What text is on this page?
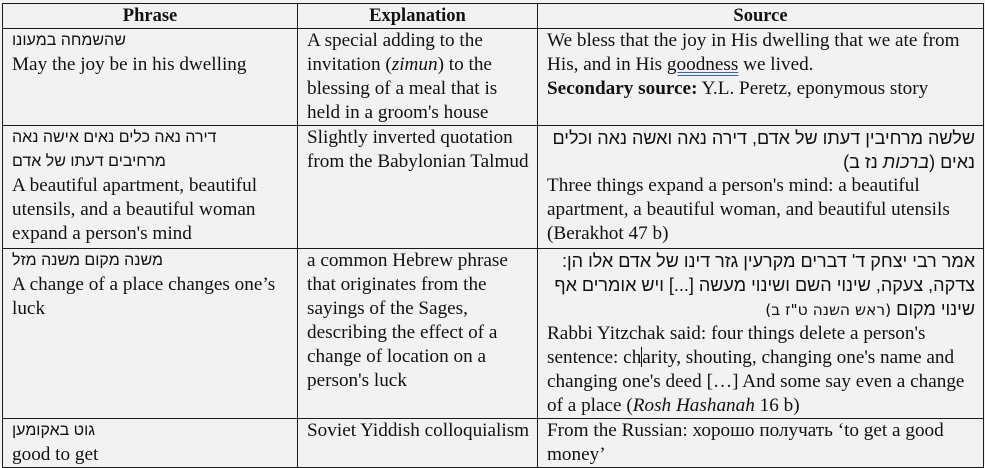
Phrase	Explanation	Source

שהשמחה במעונו
May the joy be in his dwelling	A special adding to the invitation (zimun) to the blessing of a meal that is held in a groom's house	We bless that the joy in His dwelling that we ate from His, and in His goodness we lived.
Secondary source: Y.L. Peretz, eponymous story

דירה נאה כלים נאים אישה נאה
מרחיבים דעתו של אדם
A beautiful apartment, beautiful utensils, and a beautiful woman expand a person's mind	Slightly inverted quotation from the Babylonian Talmud	שלשה מרחיבין דעתו של אדם, דירה נאה ואשה נאה וכלים נאים (ברכות נז ב)
Three things expand a person's mind: a beautiful apartment, a beautiful woman, and beautiful utensils (Berakhot 47 b)

משנה מקום משנה מזל
A change of a place changes one’s luck	a common Hebrew phrase that originates from the sayings of the Sages, describing the effect of a change of location on a person's luck	אמר רבי יצחק ד' דברים מקרעין גזר דינו של אדם אלו הן: צדקה, צעקה, שינוי השם ושינוי מעשה [...] ויש אומרים אף שינוי מקום (ראש השנה ט"ז ב)
Rabbi Yitzchak said: four things delete a person's sentence: charity, shouting, changing one's name and changing one's deed […] And some say even a change of a place (Rosh Hashanah 16 b)

גוט באקומען
good to get	Soviet Yiddish colloquialism	From the Russian: хорошо получать ‘to get a good money’
